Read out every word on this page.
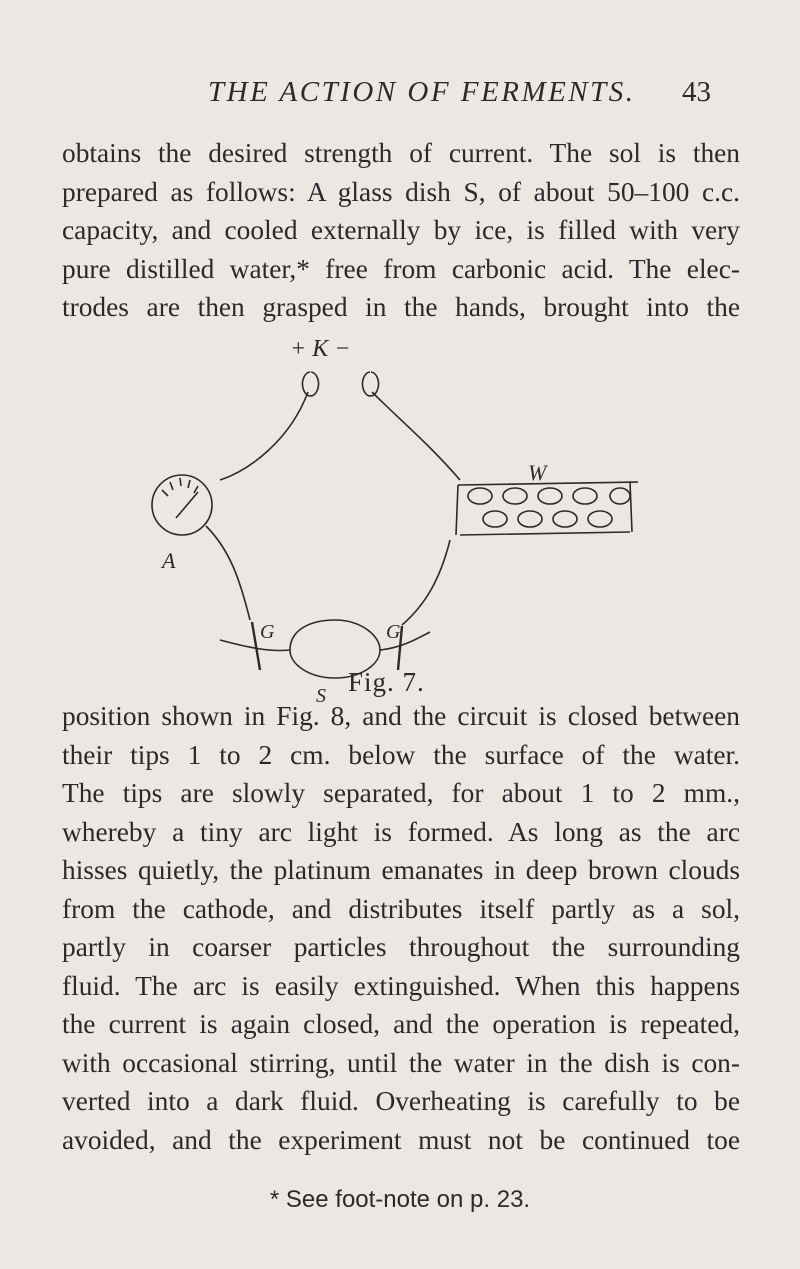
THE ACTION OF FERMENTS. 43
obtains the desired strength of current. The sol is then
prepared as follows: A glass dish S, of about 50–100 c.c.
capacity, and cooled externally by ice, is filled with very
pure distilled water,* free from carbonic acid. The elec-
trodes are then grasped in the hands, brought into the
+ K −
A
W
G	G
S Fig. 7.
position shown in Fig. 8, and the circuit is closed between
their tips 1 to 2 cm. below the surface of the water.
The tips are slowly separated, for about 1 to 2 mm.,
whereby a tiny arc light is formed. As long as the arc
hisses quietly, the platinum emanates in deep brown clouds
from the cathode, and distributes itself partly as a sol,
partly in coarser particles throughout the surrounding
fluid. The arc is easily extinguished. When this happens
the current is again closed, and the operation is repeated,
with occasional stirring, until the water in the dish is con-
verted into a dark fluid. Overheating is carefully to be
avoided, and the experiment must not be continued toe
* See foot-note on p. 23.
